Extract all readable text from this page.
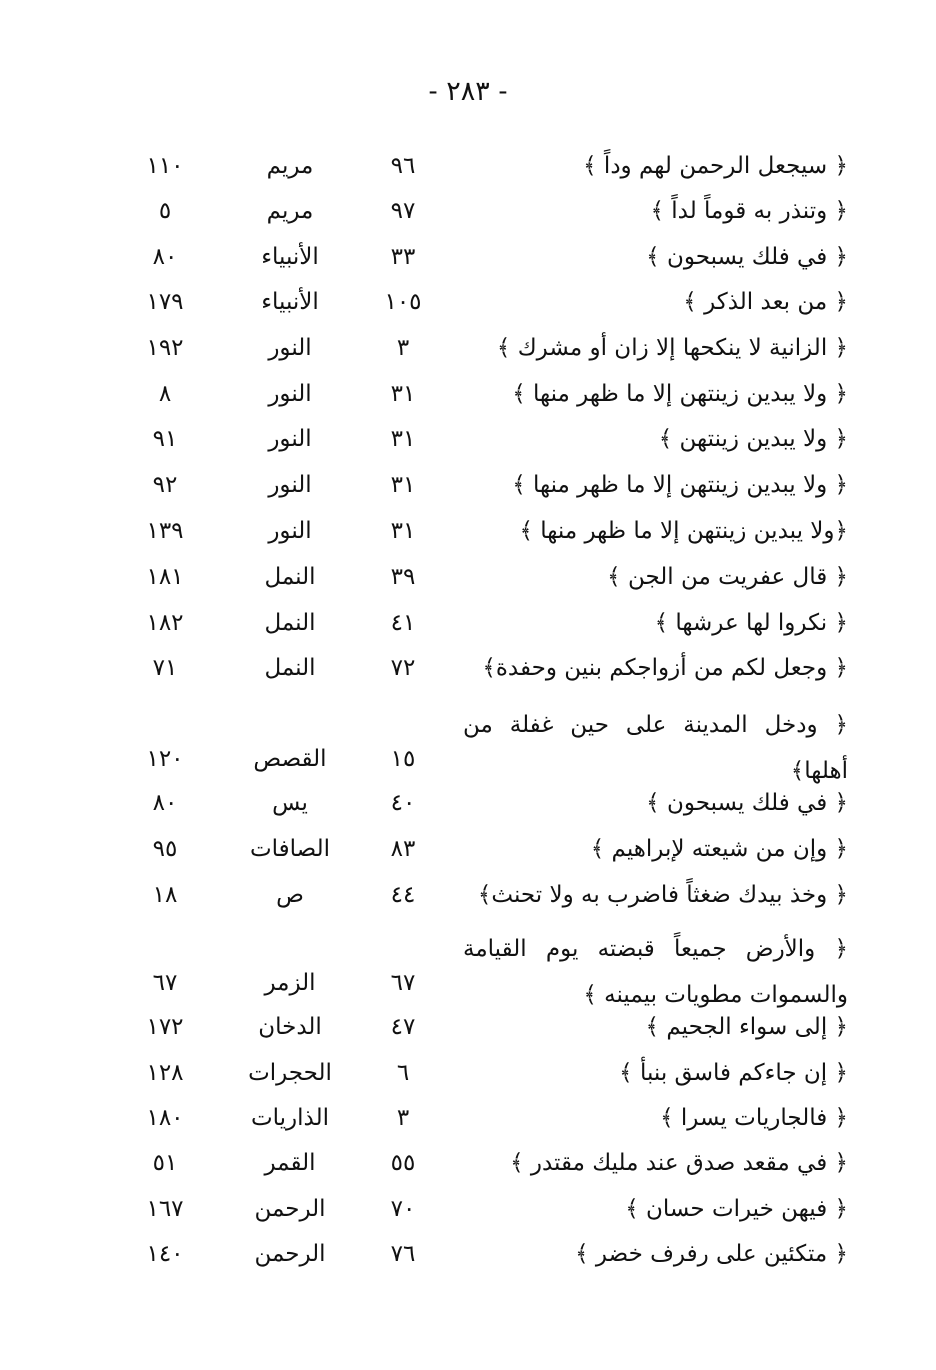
- ٢٨٣ -
﴿ سيجعل الرحمن لهم وداً ﴾
٩٦
مريم
١١٠
﴿ وتنذر به قوماً لداً ﴾
٩٧
مريم
٥
﴿ في فلك يسبحون ﴾
٣٣
الأنبياء
٨٠
﴿ من بعد الذكر ﴾
١٠٥
الأنبياء
١٧٩
﴿ الزانية لا ينكحها إلا زان أو مشرك ﴾
٣
النور
١٩٢
﴿ ولا يبدين زينتهن إلا ما ظهر منها ﴾
٣١
النور
٨
﴿ ولا يبدين زينتهن ﴾
٣١
النور
٩١
﴿ ولا يبدين زينتهن إلا ما ظهر منها ﴾
٣١
النور
٩٢
﴿ولا يبدين زينتهن إلا ما ظهر منها ﴾
٣١
النور
١٣٩
﴿ قال عفريت من الجن ﴾
٣٩
النمل
١٨١
﴿ نكروا لها عرشها ﴾
٤١
النمل
١٨٢
﴿ وجعل لكم من أزواجكم بنين وحفدة﴾
٧٢
النمل
٧١
﴿ ودخل المدينة على حين غفلة من أهلها﴾
١٥
القصص
١٢٠
﴿ في فلك يسبحون ﴾
٤٠
يس
٨٠
﴿ وإن من شيعته لإبراهيم ﴾
٨٣
الصافات
٩٥
﴿ وخذ بيدك ضغثاً فاضرب به ولا تحنث﴾
٤٤
ص
١٨
﴿ والأرض جميعاً قبضته يوم القيامة والسموات مطويات بيمينه ﴾
٦٧
الزمر
٦٧
﴿ إلى سواء الجحيم ﴾
٤٧
الدخان
١٧٢
﴿ إن جاءكم فاسق بنبأ ﴾
٦
الحجرات
١٢٨
﴿ فالجاريات يسرا ﴾
٣
الذاريات
١٨٠
﴿ في مقعد صدق عند مليك مقتدر ﴾
٥٥
القمر
٥١
﴿ فيهن خيرات حسان ﴾
٧٠
الرحمن
١٦٧
﴿ متكئين على رفرف خضر ﴾
٧٦
الرحمن
١٤٠
